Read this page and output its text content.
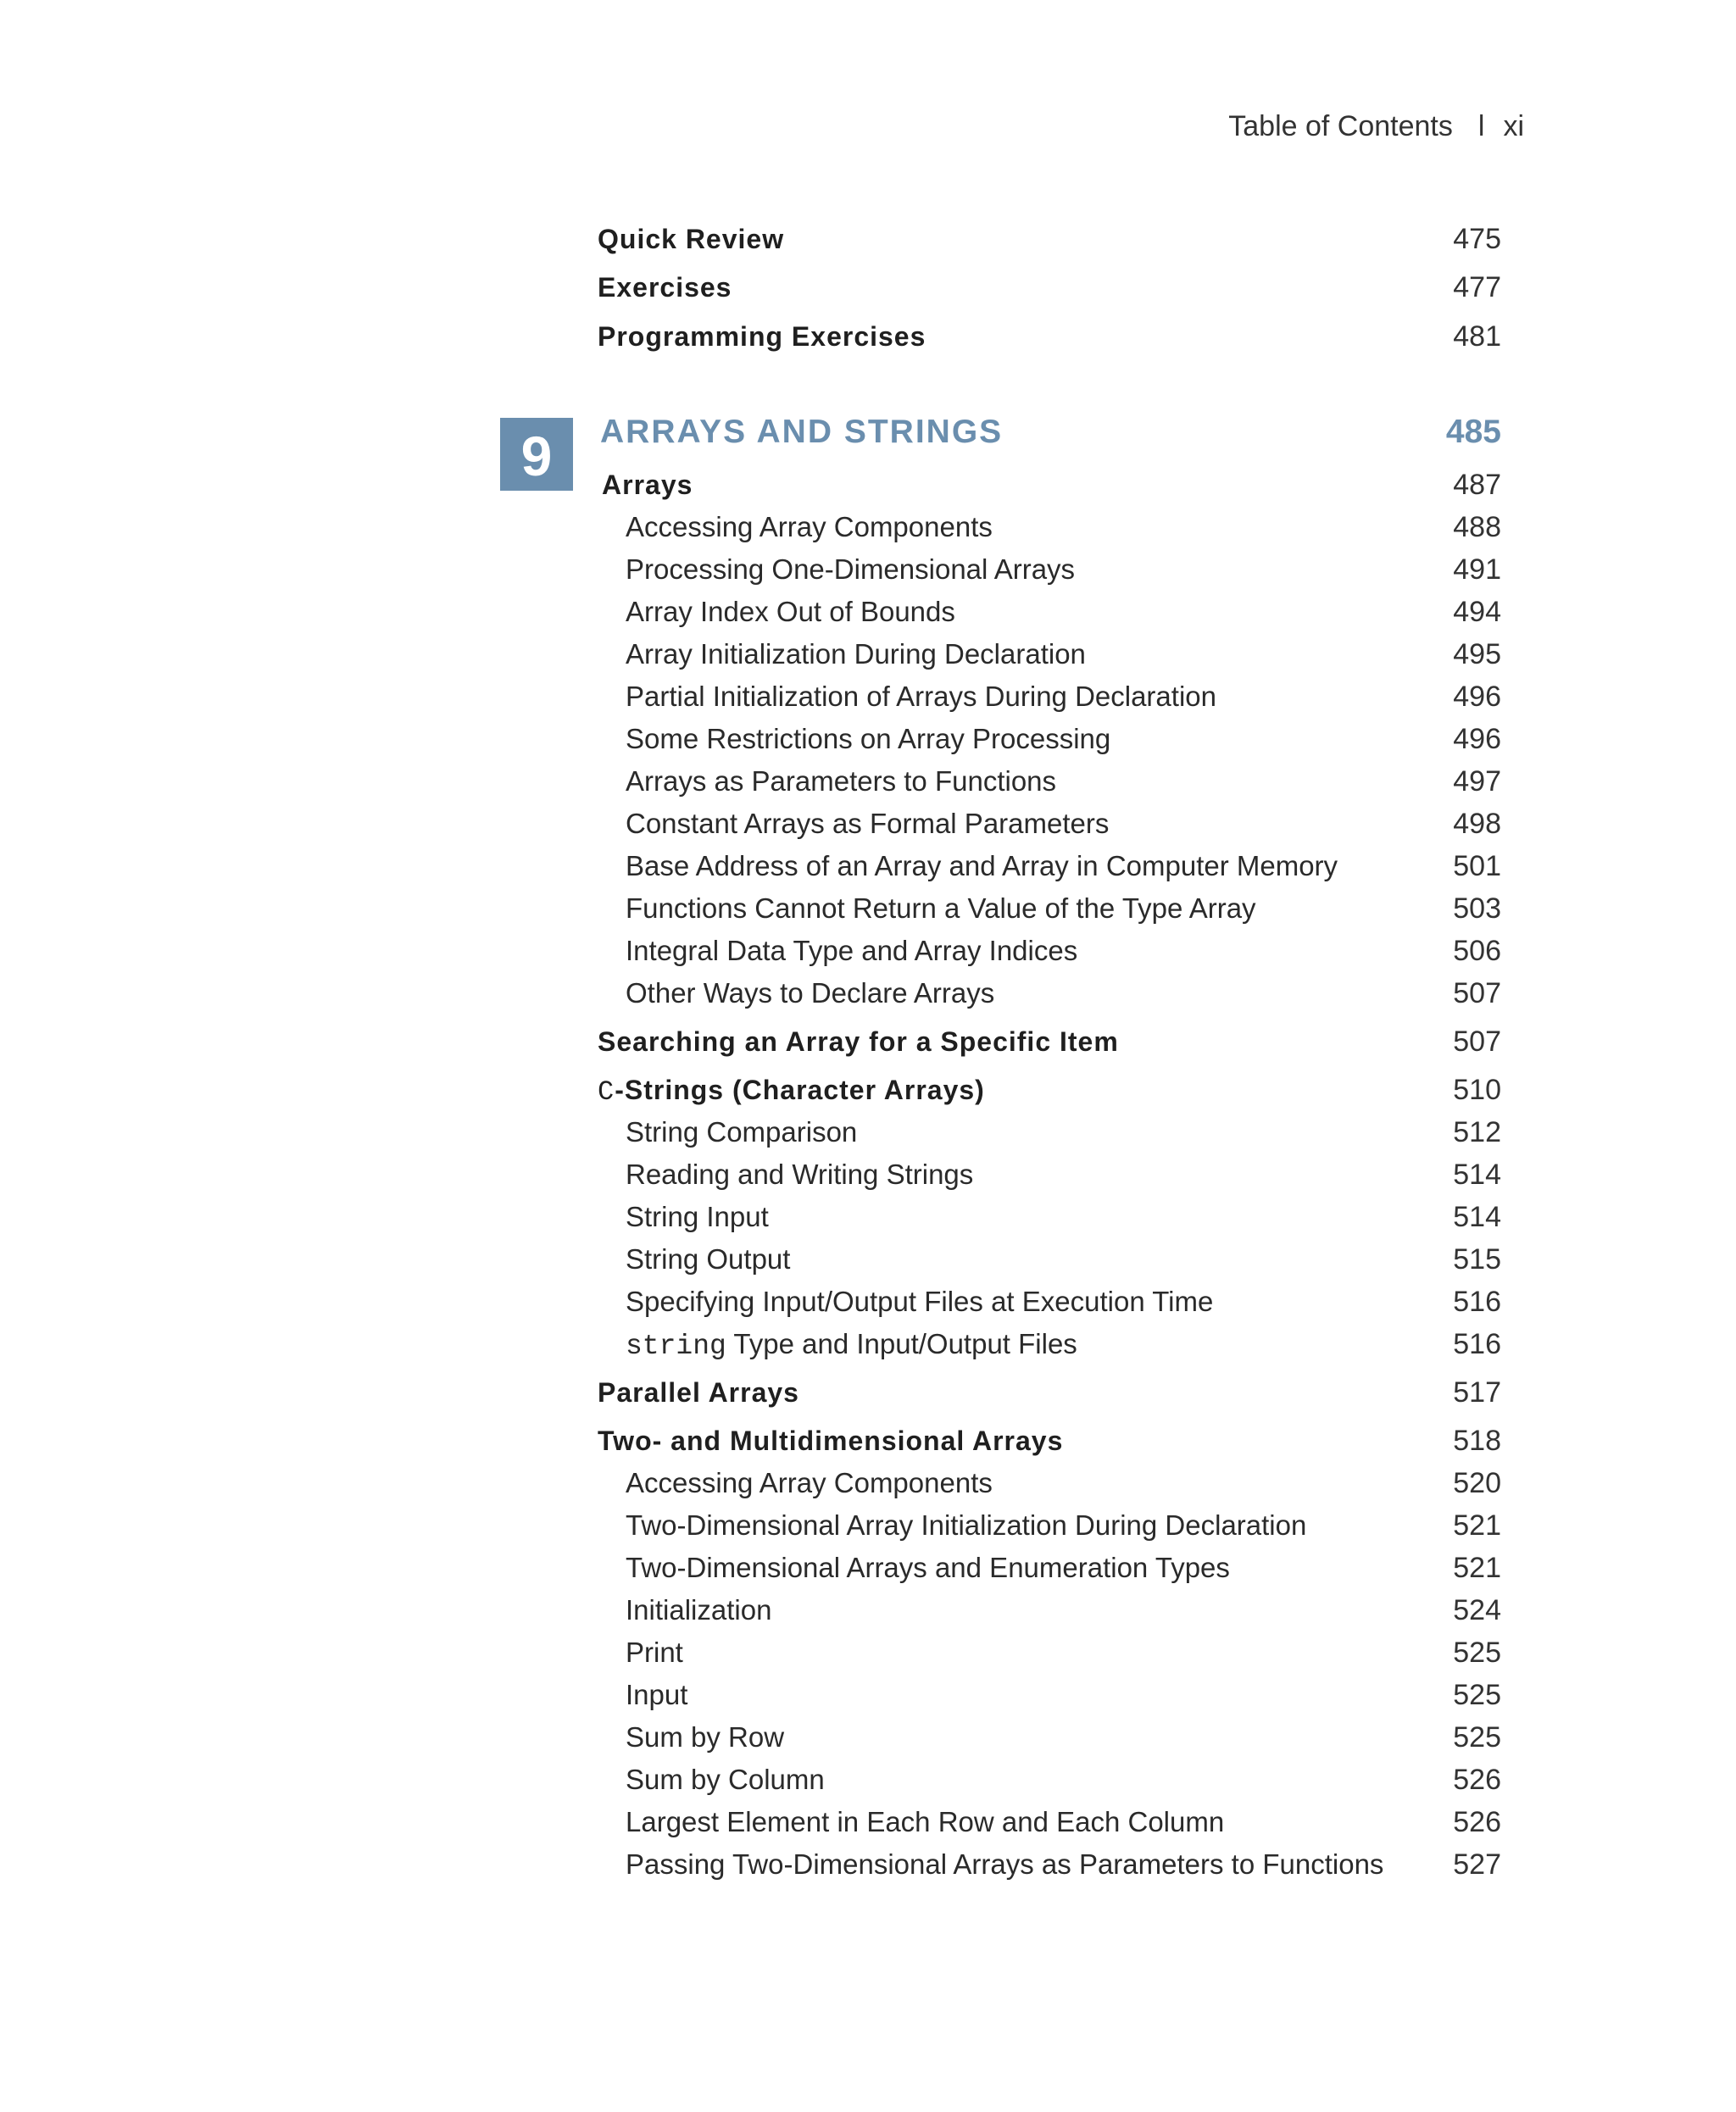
Table of Contents l xi
Quick Review	475
Exercises	477
Programming Exercises	481
9	ARRAYS AND STRINGS	485
Arrays	487
Accessing Array Components	488
Processing One-Dimensional Arrays	491
Array Index Out of Bounds	494
Array Initialization During Declaration	495
Partial Initialization of Arrays During Declaration	496
Some Restrictions on Array Processing	496
Arrays as Parameters to Functions	497
Constant Arrays as Formal Parameters	498
Base Address of an Array and Array in Computer Memory	501
Functions Cannot Return a Value of the Type Array	503
Integral Data Type and Array Indices	506
Other Ways to Declare Arrays	507
Searching an Array for a Specific Item	507
C-Strings (Character Arrays)	510
String Comparison	512
Reading and Writing Strings	514
String Input	514
String Output	515
Specifying Input/Output Files at Execution Time	516
string Type and Input/Output Files	516
Parallel Arrays	517
Two- and Multidimensional Arrays	518
Accessing Array Components	520
Two-Dimensional Array Initialization During Declaration	521
Two-Dimensional Arrays and Enumeration Types	521
Initialization	524
Print	525
Input	525
Sum by Row	525
Sum by Column	526
Largest Element in Each Row and Each Column	526
Passing Two-Dimensional Arrays as Parameters to Functions 527
